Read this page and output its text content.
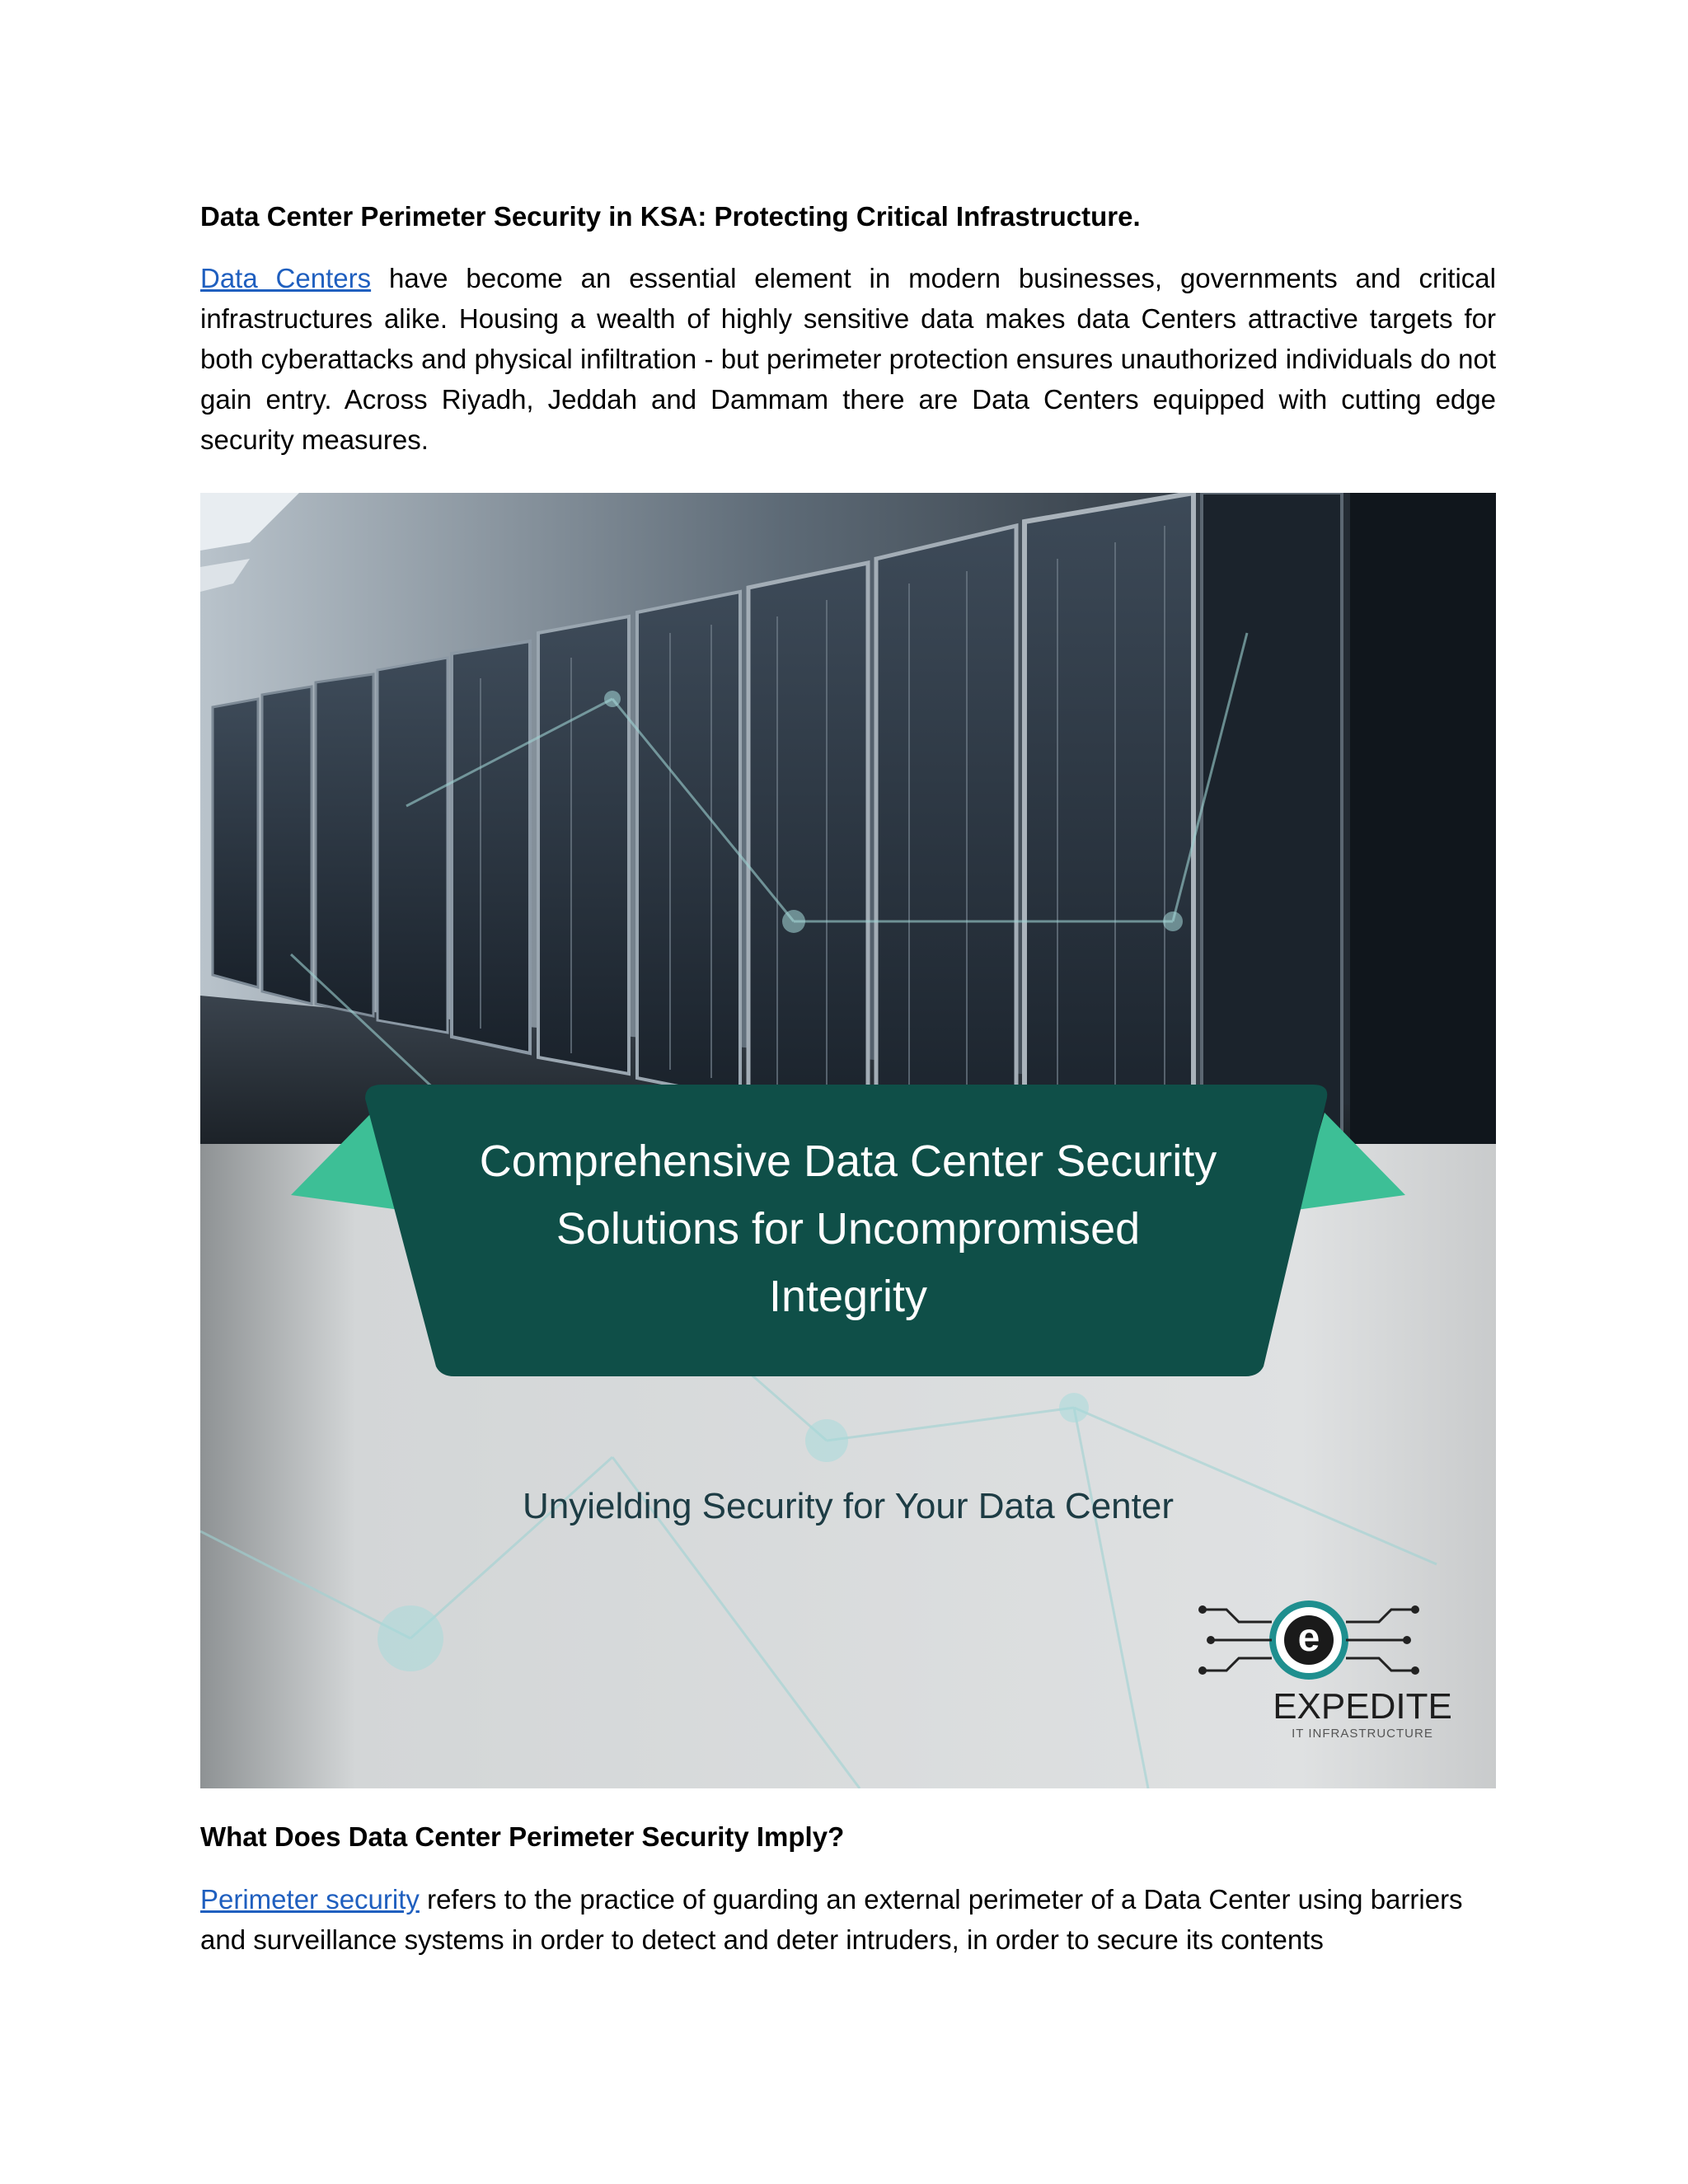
Data Center Perimeter Security in KSA: Protecting Critical Infrastructure.

Data Centers have become an essential element in modern businesses, governments and critical infrastructures alike. Housing a wealth of highly sensitive data makes data Centers attractive targets for both cyberattacks and physical infiltration - but perimeter protection ensures unauthorized individuals do not gain entry. Across Riyadh, Jeddah and Dammam there are Data Centers equipped with cutting edge security measures.

Comprehensive Data Center Security
Solutions for Uncompromised
Integrity
Unyielding Security for Your Data Center
e
EXPEDITE
IT INFRASTRUCTURE
What Does Data Center Perimeter Security Imply?

Perimeter security refers to the practice of guarding an external perimeter of a Data Center using barriers and surveillance systems in order to detect and deter intruders, in order to secure its contents
